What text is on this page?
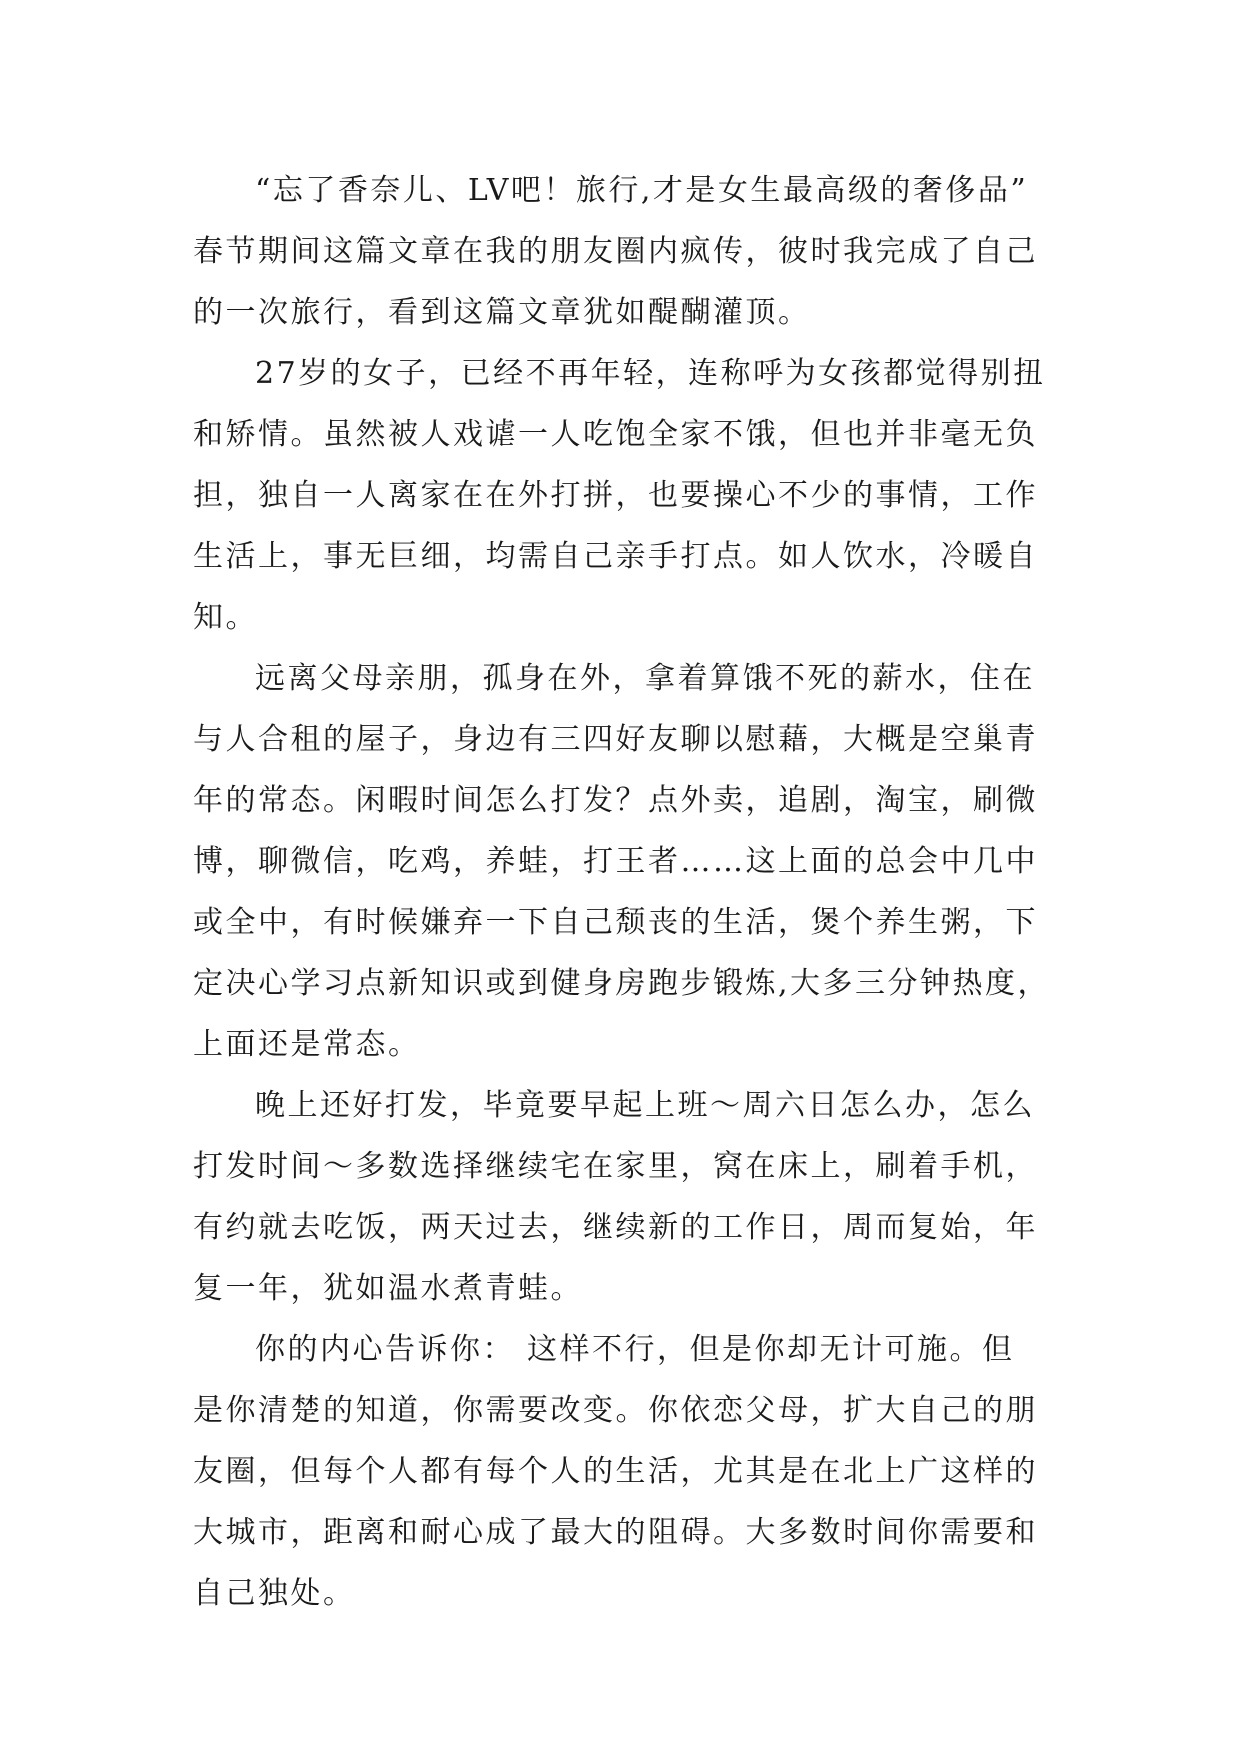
“忘了香奈儿、LV吧！旅行,才是女生最高级的奢侈品”
春节期间这篇文章在我的朋友圈内疯传，彼时我完成了自己
的一次旅行，看到这篇文章犹如醍醐灌顶。
27岁的女子，已经不再年轻，连称呼为女孩都觉得别扭
和矫情。虽然被人戏谑一人吃饱全家不饿，但也并非毫无负
担，独自一人离家在在外打拼，也要操心不少的事情，工作
生活上，事无巨细，均需自己亲手打点。如人饮水，冷暖自
知。
远离父母亲朋，孤身在外，拿着算饿不死的薪水，住在
与人合租的屋子，身边有三四好友聊以慰藉，大概是空巢青
年的常态。闲暇时间怎么打发？点外卖，追剧，淘宝，刷微
博，聊微信，吃鸡，养蛙，打王者……这上面的总会中几中
或全中，有时候嫌弃一下自己颓丧的生活，煲个养生粥，下
定决心学习点新知识或到健身房跑步锻炼,大多三分钟热度，
上面还是常态。
晚上还好打发，毕竟要早起上班～周六日怎么办，怎么
打发时间～多数选择继续宅在家里，窝在床上，刷着手机，
有约就去吃饭，两天过去，继续新的工作日，周而复始，年
复一年，犹如温水煮青蛙。
你的内心告诉你： 这样不行，但是你却无计可施。但
是你清楚的知道，你需要改变。你依恋父母，扩大自己的朋
友圈，但每个人都有每个人的生活，尤其是在北上广这样的
大城市，距离和耐心成了最大的阻碍。大多数时间你需要和
自己独处。
